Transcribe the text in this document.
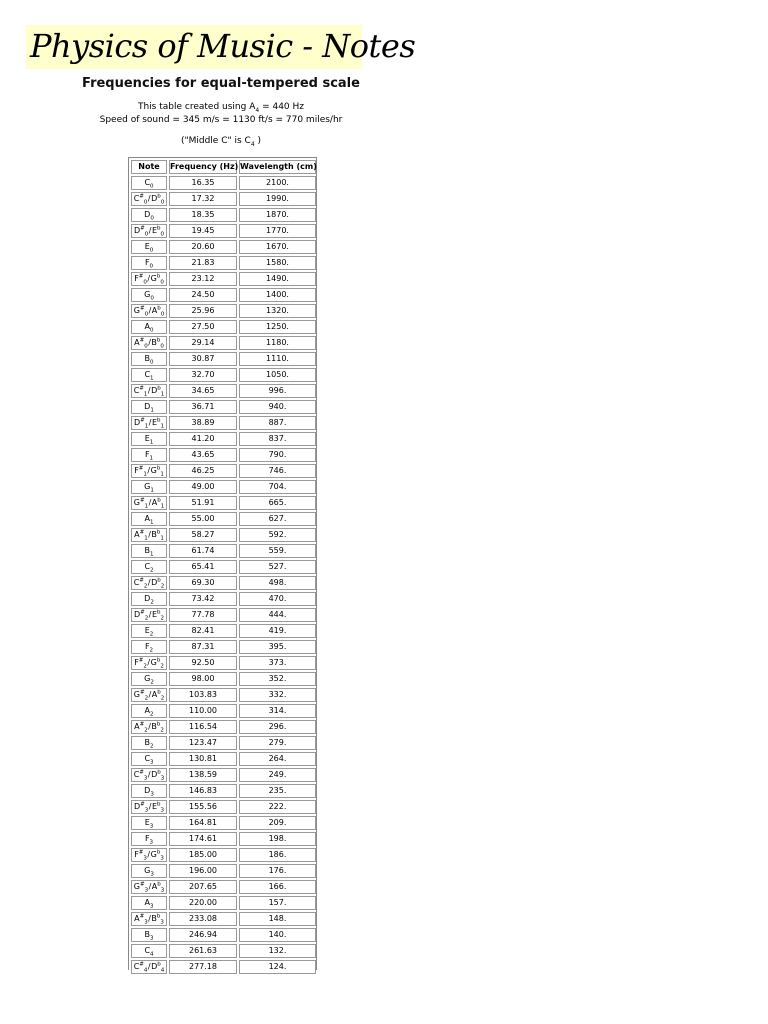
Physics of Music - Notes
Frequencies for equal-tempered scale
This table created using $A_4 = 440$ Hz
Speed of sound = 345 m/s = 1130 ft/s = 770 miles/hr
("Middle C" is $C_4$ )
Note	Frequency (Hz)	Wavelength (cm)
$C_0$	16.35	2100.
$C^{\#}_0/D^b_0$	17.32	1990.
$D_0$	18.35	1870.
$D^{\#}_0/E^b_0$	19.45	1770.
$E_0$	20.60	1670.
$F_0$	21.83	1580.
$F^{\#}_0/G^b_0$	23.12	1490.
$G_0$	24.50	1400.
$G^{\#}_0/A^b_0$	25.96	1320.
$A_0$	27.50	1250.
$A^{\#}_0/B^b_0$	29.14	1180.
$B_0$	30.87	1110.
$C_1$	32.70	1050.
$C^{\#}_1/D^b_1$	34.65	996.
$D_1$	36.71	940.
$D^{\#}_1/E^b_1$	38.89	887.
$E_1$	41.20	837.
$F_1$	43.65	790.
$F^{\#}_1/G^b_1$	46.25	746.
$G_1$	49.00	704.
$G^{\#}_1/A^b_1$	51.91	665.
$A_1$	55.00	627.
$A^{\#}_1/B^b_1$	58.27	592.
$B_1$	61.74	559.
$C_2$	65.41	527.
$C^{\#}_2/D^b_2$	69.30	498.
$D_2$	73.42	470.
$D^{\#}_2/E^b_2$	77.78	444.
$E_2$	82.41	419.
$F_2$	87.31	395.
$F^{\#}_2/G^b_2$	92.50	373.
$G_2$	98.00	352.
$G^{\#}_2/A^b_2$	103.83	332.
$A_2$	110.00	314.
$A^{\#}_2/B^b_2$	116.54	296.
$B_2$	123.47	279.
$C_3$	130.81	264.
$C^{\#}_3/D^b_3$	138.59	249.
$D_3$	146.83	235.
$D^{\#}_3/E^b_3$	155.56	222.
$E_3$	164.81	209.
$F_3$	174.61	198.
$F^{\#}_3/G^b_3$	185.00	186.
$G_3$	196.00	176.
$G^{\#}_3/A^b_3$	207.65	166.
$A_3$	220.00	157.
$A^{\#}_3/B^b_3$	233.08	148.
$B_3$	246.94	140.
$C_4$	261.63	132.
$C^{\#}_4/D^b_4$	277.18	124.
